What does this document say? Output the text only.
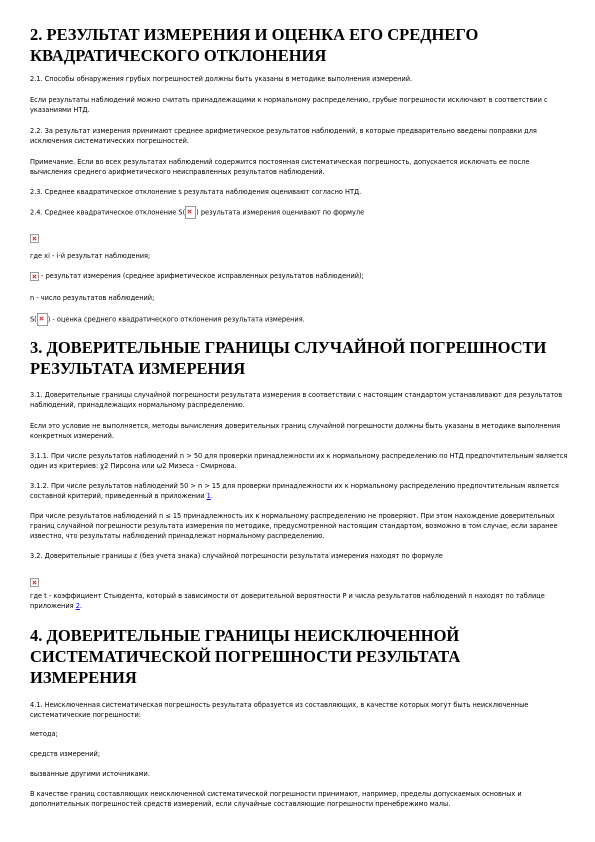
2. РЕЗУЛЬТАТ ИЗМЕРЕНИЯ И ОЦЕНКА ЕГО СРЕДНЕГО КВАДРАТИЧЕСКОГО ОТКЛОНЕНИЯ

2.1. Способы обнаружения грубых погрешностей должны быть указаны в методике выполнения измерений.

Если результаты наблюдений можно считать принадлежащими к нормальному распределению, грубые погрешности исключают в соответствии с указаниями НТД.

2.2. За результат измерения принимают среднее арифметическое результатов наблюдений, в которые предварительно введены поправки для исключения систематических погрешностей.

Примечание. Если во всех результатах наблюдений содержится постоянная систематическая погрешность, допускается исключать ее после вычисления среднего арифметического неисправленных результатов наблюдений.

2.3. Среднее квадратическое отклонение s результата наблюдения оценивают согласно НТД.

2.4. Среднее квадратическое отклонение S( ) результата измерения оценивают по формуле

где xi - i-й результат наблюдения;

- результат измерения (среднее арифметическое исправленных результатов наблюдений);

n - число результатов наблюдений;

S( ) - оценка среднего квадратического отклонения результата измерения.

3. ДОВЕРИТЕЛЬНЫЕ ГРАНИЦЫ СЛУЧАЙНОЙ ПОГРЕШНОСТИ РЕЗУЛЬТАТА ИЗМЕРЕНИЯ

3.1. Доверительные границы случайной погрешности результата измерения в соответствии с настоящим стандартом устанавливают для результатов наблюдений, принадлежащих нормальному распределению.

Если это условие не выполняется, методы вычисления доверительных границ случайной погрешности должны быть указаны в методике выполнения конкретных измерений.

3.1.1. При числе результатов наблюдений n > 50 для проверки принадлежности их к нормальному распределению по НТД предпочтительным является один из критериев: χ2 Пирсона или ω2 Мизеса - Смирнова.

3.1.2. При числе результатов наблюдений 50 > n > 15 для проверки принадлежности их к нормальному распределению предпочтительным является составной критерий, приведенный в приложении 1.

При числе результатов наблюдений n ≤ 15 принадлежность их к нормальному распределению не проверяют. При этом нахождение доверительных границ случайной погрешности результата измерения по методике, предусмотренной настоящим стандартом, возможно в том случае, если заранее известно, что результаты наблюдений принадлежат нормальному распределению.

3.2. Доверительные границы ε (без учета знака) случайной погрешности результата измерения находят по формуле

где t - коэффициент Стьюдента, который в зависимости от доверительной вероятности P и числа результатов наблюдений n находят по таблице приложения 2.

4. ДОВЕРИТЕЛЬНЫЕ ГРАНИЦЫ НЕИСКЛЮЧЕННОЙ СИСТЕМАТИЧЕСКОЙ ПОГРЕШНОСТИ РЕЗУЛЬТАТА ИЗМЕРЕНИЯ

4.1. Неисключенная систематическая погрешность результата образуется из составляющих, в качестве которых могут быть неисключенные систематические погрешности:

метода;

средств измерений;

вызванные другими источниками.

В качестве границ составляющих неисключенной систематической погрешности принимают, например, пределы допускаемых основных и дополнительных погрешностей средств измерений, если случайные составляющие погрешности пренебрежимо малы.
